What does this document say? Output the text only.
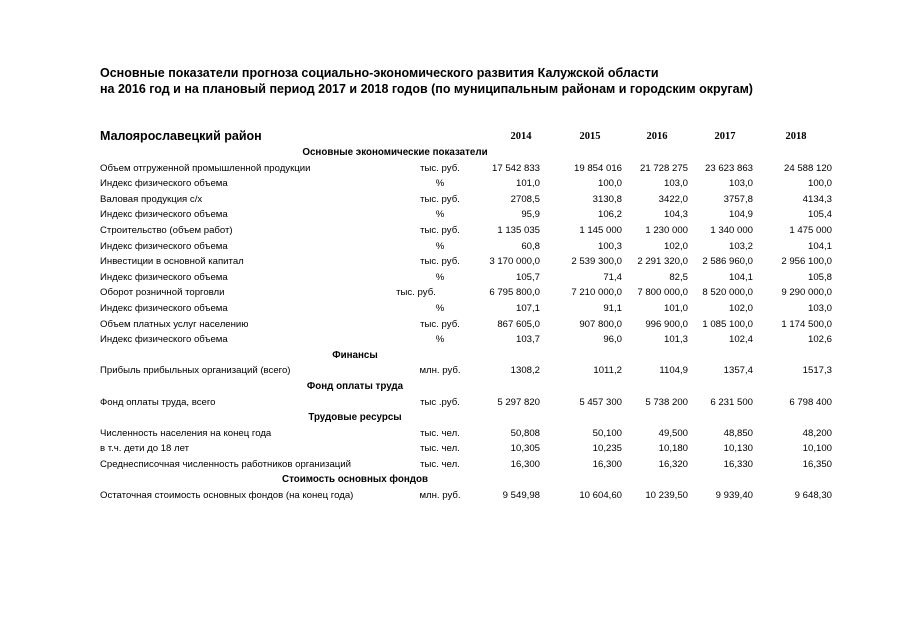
Основные показатели прогноза социально-экономического развития Калужской области
на 2016 год и на плановый период 2017 и 2018 годов (по муниципальным районам и городским округам)
Малоярославецкий район	2014	2015	2016	2017	2018
Основные экономические показатели
Объем отгруженной промышленной продукции	тыс. руб.	17 542 833	19 854 016	21 728 275	23 623 863	24 588 120
Индекс физического объема	%	101,0	100,0	103,0	103,0	100,0
Валовая продукция с/х	тыс. руб.	2708,5	3130,8	3422,0	3757,8	4134,3
Индекс физического объема	%	95,9	106,2	104,3	104,9	105,4
Строительство (объем работ)	тыс. руб.	1 135 035	1 145 000	1 230 000	1 340 000	1 475 000
Индекс физического объема	%	60,8	100,3	102,0	103,2	104,1
Инвестиции в основной капитал	тыс. руб.	3 170 000,0	2 539 300,0	2 291 320,0	2 586 960,0	2 956 100,0
Индекс физического объема	%	105,7	71,4	82,5	104,1	105,8
Оборот розничной торговли	тыс. руб.	6 795 800,0	7 210 000,0	7 800 000,0	8 520 000,0	9 290 000,0
Индекс физического объема	%	107,1	91,1	101,0	102,0	103,0
Объем платных услуг населению	тыс. руб.	867 605,0	907 800,0	996 900,0	1 085 100,0	1 174 500,0
Индекс физического объема	%	103,7	96,0	101,3	102,4	102,6
Финансы
Прибыль прибыльных организаций (всего)	млн. руб.	1308,2	1011,2	1104,9	1357,4	1517,3
Фонд оплаты труда
Фонд оплаты труда, всего	тыс .руб.	5 297 820	5 457 300	5 738 200	6 231 500	6 798 400
Трудовые ресурсы
Численность населения на конец года	тыс. чел.	50,808	50,100	49,500	48,850	48,200
в т.ч. дети до 18 лет	тыс. чел.	10,305	10,235	10,180	10,130	10,100
Среднесписочная численность работников организаций	тыс. чел.	16,300	16,300	16,320	16,330	16,350
Стоимость основных фондов
Остаточная стоимость основных фондов (на конец года)	млн. руб.	9 549,98	10 604,60	10 239,50	9 939,40	9 648,30
